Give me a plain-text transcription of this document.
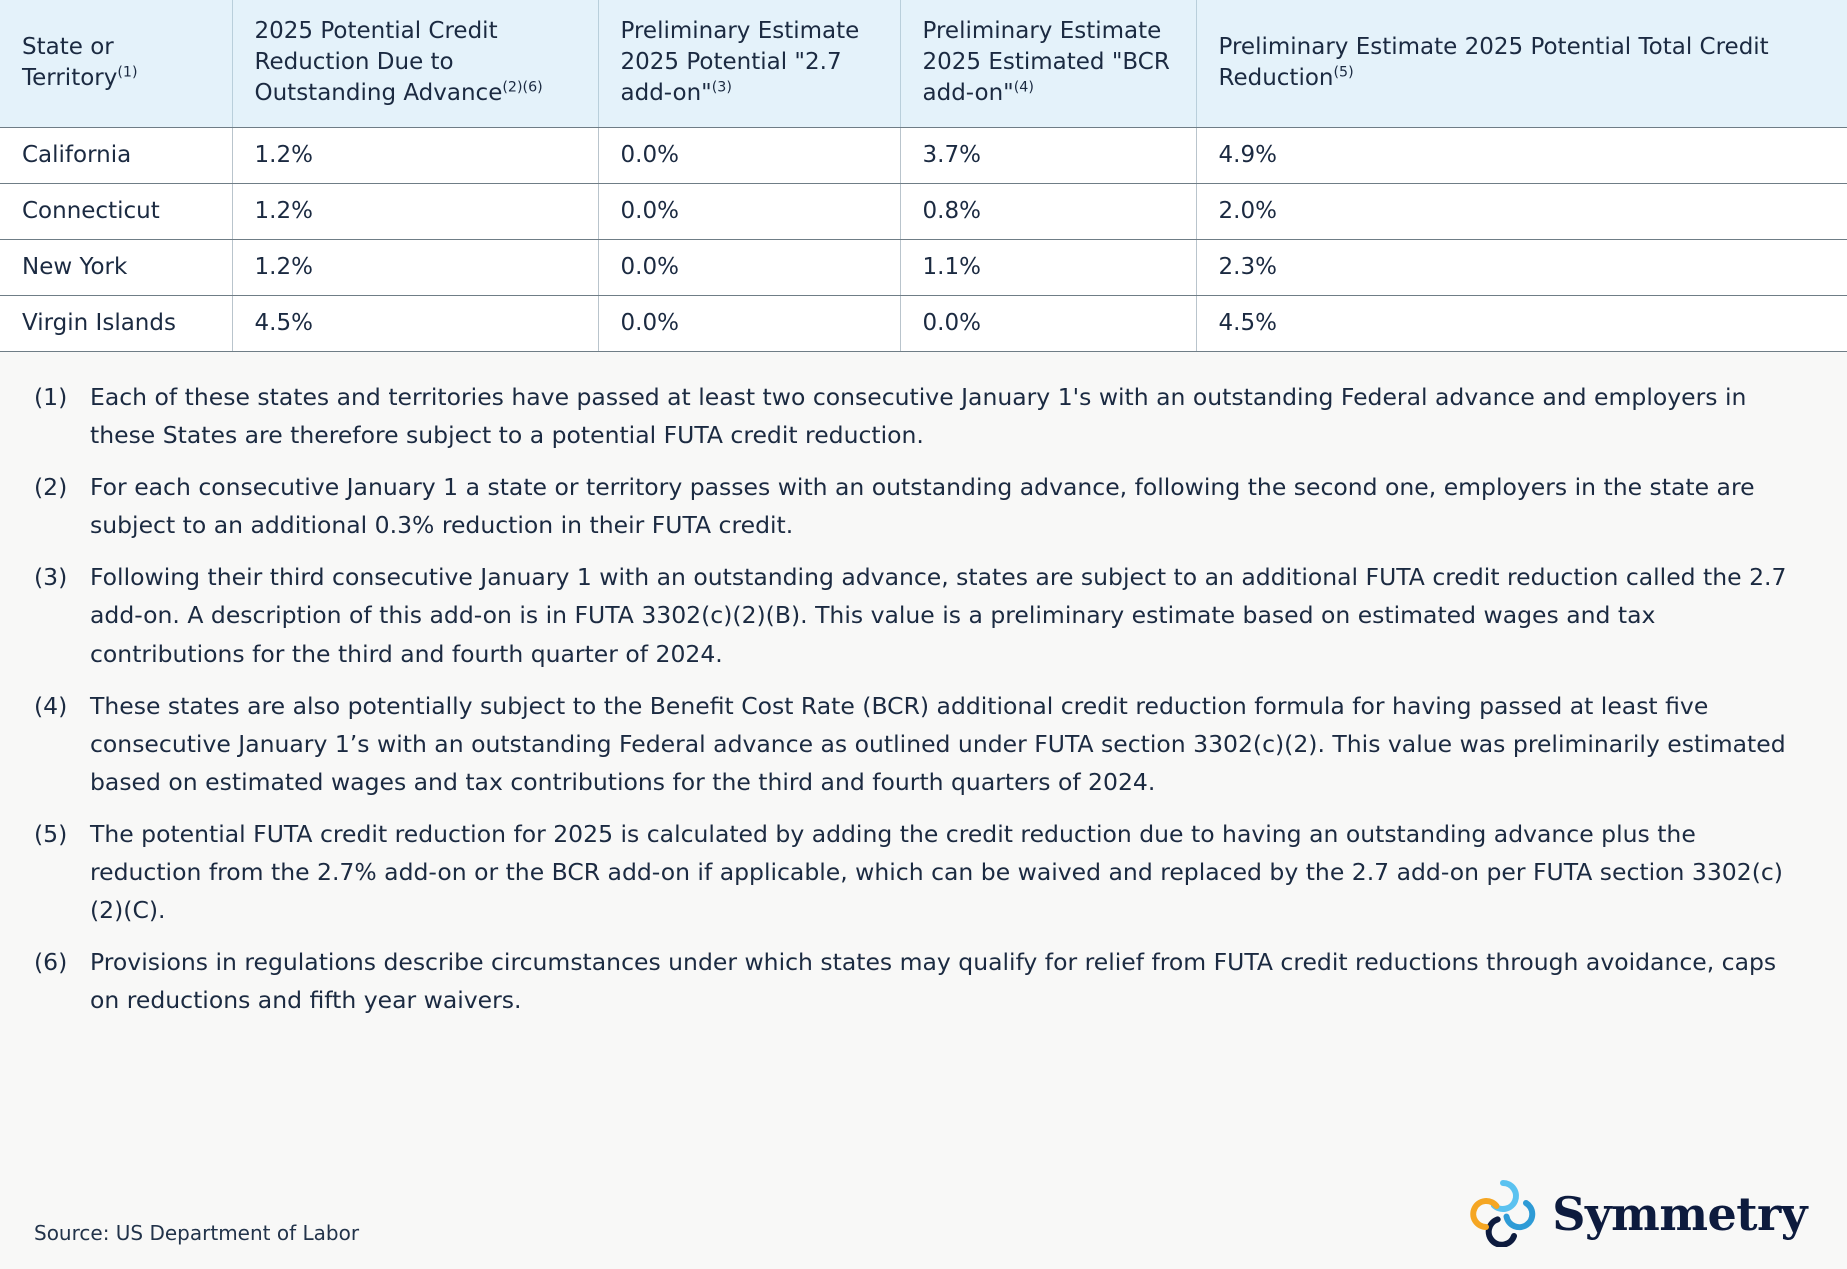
State or Territory$^{(1)}$	2025 Potential Credit Reduction Due to Outstanding Advance$^{(2)(6)}$	Preliminary Estimate 2025 Potential "2.7 add-on"$^{(3)}$	Preliminary Estimate 2025 Estimated "BCR add-on"$^{(4)}$	Preliminary Estimate 2025 Potential Total Credit Reduction$^{(5)}$
California	1.2%	0.0%	3.7%	4.9%
Connecticut	1.2%	0.0%	0.8%	2.0%
New York	1.2%	0.0%	1.1%	2.3%
Virgin Islands	4.5%	0.0%	0.0%	4.5%
(1) Each of these states and territories have passed at least two consecutive January 1's with an outstanding Federal advance and employers in these States are therefore subject to a potential FUTA credit reduction.
(2) For each consecutive January 1 a state or territory passes with an outstanding advance, following the second one, employers in the state are subject to an additional 0.3% reduction in their FUTA credit.
(3) Following their third consecutive January 1 with an outstanding advance, states are subject to an additional FUTA credit reduction called the 2.7 add-on. A description of this add-on is in FUTA 3302(c)(2)(B). This value is a preliminary estimate based on estimated wages and tax contributions for the third and fourth quarter of 2024.
(4) These states are also potentially subject to the Benefit Cost Rate (BCR) additional credit reduction formula for having passed at least five consecutive January 1’s with an outstanding Federal advance as outlined under FUTA section 3302(c)(2). This value was preliminarily estimated based on estimated wages and tax contributions for the third and fourth quarters of 2024.
(5) The potential FUTA credit reduction for 2025 is calculated by adding the credit reduction due to having an outstanding advance plus the reduction from the 2.7% add-on or the BCR add-on if applicable, which can be waived and replaced by the 2.7 add-on per FUTA section 3302(c)(2)(C).
(6) Provisions in regulations describe circumstances under which states may qualify for relief from FUTA credit reductions through avoidance, caps on reductions and fifth year waivers.
Source: US Department of Labor	Symmetry
